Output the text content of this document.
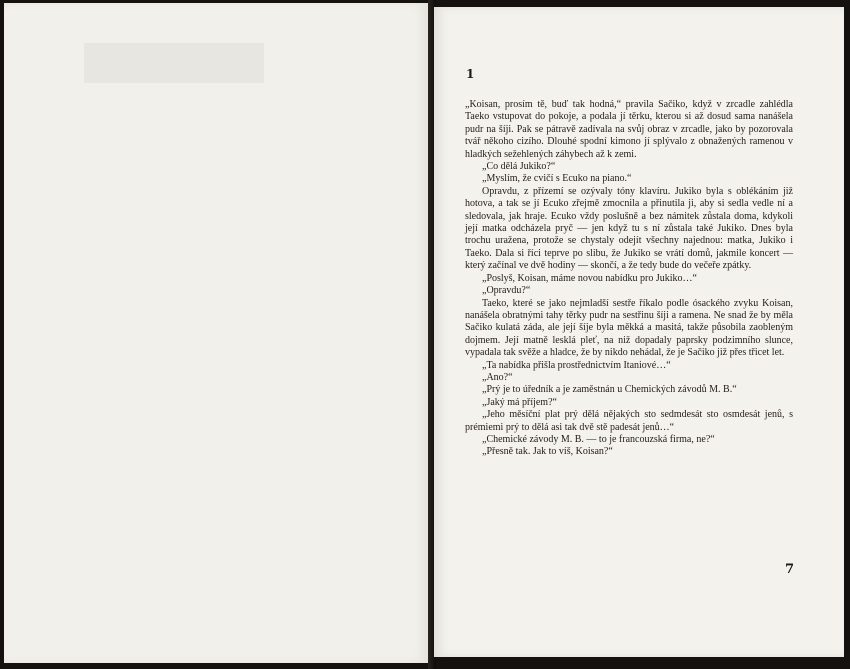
1

„Koisan, prosím tě, buď tak hodná,“ pravila Sačiko, když v zrcadle zahlédla Taeko vstupovat do pokoje, a podala jí těrku, kterou si až dosud sama nanášela pudr na šíji. Pak se pátravě zadívala na svůj obraz v zrcadle, jako by pozorovala tvář někoho cizího. Dlouhé spodní kimono jí splývalo z obnažených ramenou v hladkých sežehlených záhybech až k zemi.

„Co dělá Jukiko?“

„Myslím, že cvičí s Ecuko na piano.“

Opravdu, z přízemí se ozývaly tóny klavíru. Jukiko byla s oblékáním již hotova, a tak se jí Ecuko zřejmě zmocnila a přinutila ji, aby si sedla vedle ní a sledovala, jak hraje. Ecuko vždy poslušně a bez námitek zůstala doma, kdykoli její matka odcházela pryč — jen když tu s ní zůstala také Jukiko. Dnes byla trochu uražena, protože se chystaly odejít všechny najednou: matka, Jukiko i Taeko. Dala si říci teprve po slibu, že Jukiko se vrátí domů, jakmile koncert — který začínal ve dvě hodiny — skončí, a že tedy bude do večeře zpátky.

„Poslyš, Koisan, máme novou nabídku pro Jukiko…“

„Opravdu?“

Taeko, které se jako nejmladší sestře říkalo podle ósackého zvyku Koisan, nanášela obratnými tahy těrky pudr na sestřinu šíji a ramena. Ne snad že by měla Sačiko kulatá záda, ale její šíje byla měkká a masitá, takže působila zaobleným dojmem. Její matně lesklá pleť, na niž dopadaly paprsky podzimního slunce, vypadala tak svěže a hladce, že by nikdo nehádal, že je Sačiko již přes třicet let.

„Ta nabídka přišla prostřednictvím Itaniové…“

„Ano?“

„Prý je to úředník a je zaměstnán u Chemických závodů M. B.“

„Jaký má příjem?“

„Jeho měsíční plat prý dělá nějakých sto sedmdesát sto osmdesát jenů, s prémiemi prý to dělá asi tak dvě stě padesát jenů…“

„Chemické závody M. B. — to je francouzská firma, ne?“

„Přesně tak. Jak to víš, Koisan?“

7
